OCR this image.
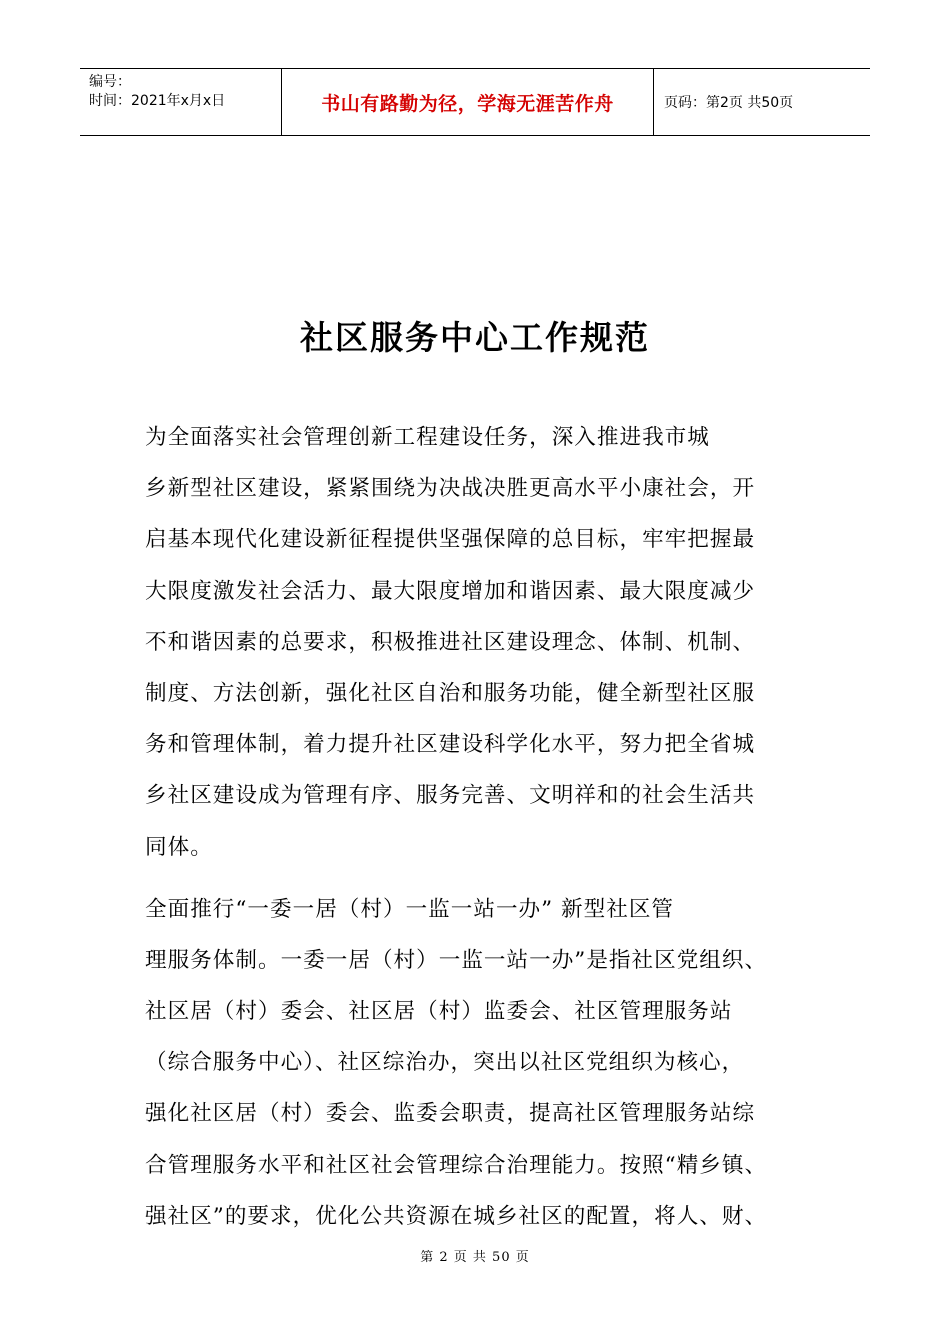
编号：
时间：2021年x月x日	书山有路勤为径，学海无涯苦作舟	页码：第2页 共50页
社区服务中心工作规范
为全面落实社会管理创新工程建设任务，深入推进我市城
乡新型社区建设，紧紧围绕为决战决胜更高水平小康社会，开
启基本现代化建设新征程提供坚强保障的总目标，牢牢把握最
大限度激发社会活力、最大限度增加和谐因素、最大限度减少
不和谐因素的总要求，积极推进社区建设理念、体制、机制、
制度、方法创新，强化社区自治和服务功能，健全新型社区服
务和管理体制，着力提升社区建设科学化水平，努力把全省城
乡社区建设成为管理有序、服务完善、文明祥和的社会生活共
同体。
全面推行“一委一居（村）一监一站一办” 新型社区管
理服务体制。一委一居（村）一监一站一办”是指社区党组织、
社区居（村）委会、社区居（村）监委会、社区管理服务站
（综合服务中心）、社区综治办，突出以社区党组织为核心，
强化社区居（村）委会、监委会职责，提高社区管理服务站综
合管理服务水平和社区社会管理综合治理能力。按照“精乡镇、
强社区”的要求，优化公共资源在城乡社区的配置，将人、财、
第 2 页 共 50 页
